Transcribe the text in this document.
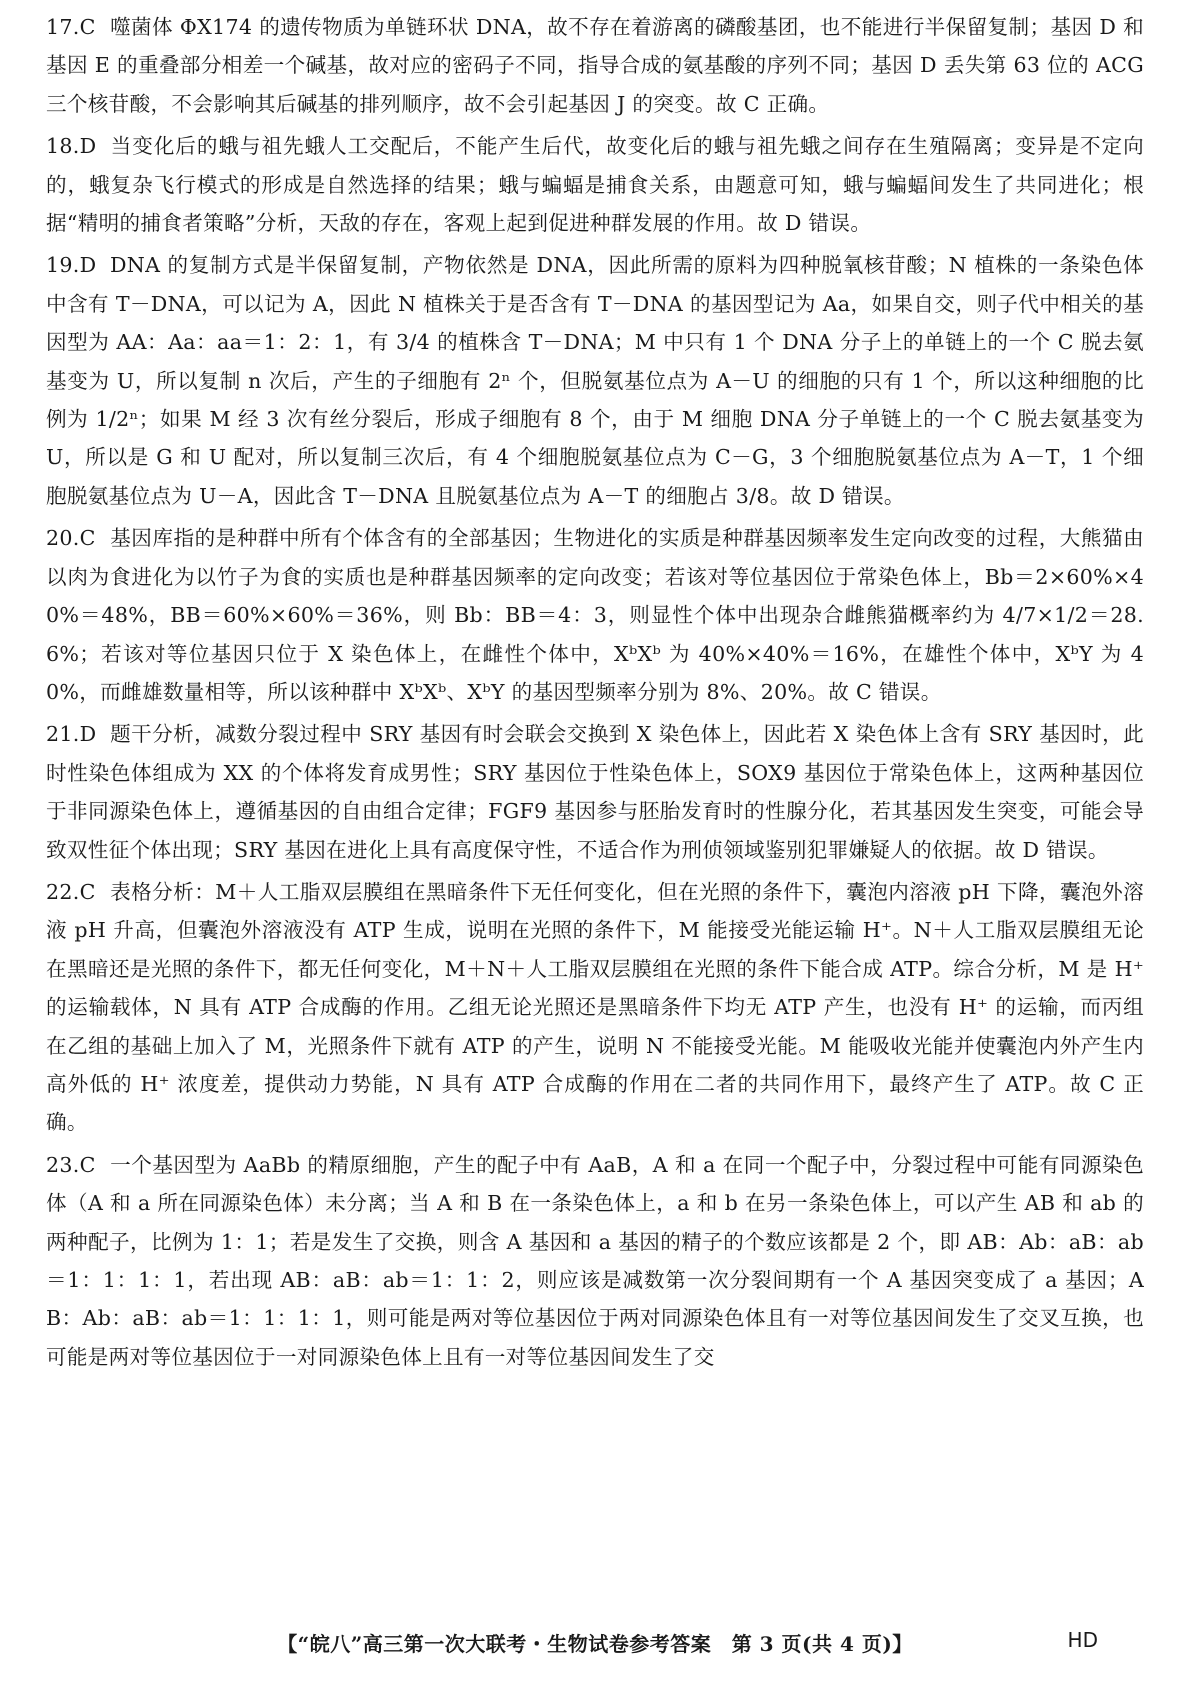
17.C 噬菌体 ΦX174 的遗传物质为单链环状 DNA，故不存在着游离的磷酸基团，也不能进行半保留复制；基因 D 和基因 E 的重叠部分相差一个碱基，故对应的密码子不同，指导合成的氨基酸的序列不同；基因 D 丢失第 63 位的 ACG 三个核苷酸，不会影响其后碱基的排列顺序，故不会引起基因 J 的突变。故 C 正确。

18.D 当变化后的蛾与祖先蛾人工交配后，不能产生后代，故变化后的蛾与祖先蛾之间存在生殖隔离；变异是不定向的，蛾复杂飞行模式的形成是自然选择的结果；蛾与蝙蝠是捕食关系，由题意可知，蛾与蝙蝠间发生了共同进化；根据“精明的捕食者策略”分析，天敌的存在，客观上起到促进种群发展的作用。故 D 错误。

19.D DNA 的复制方式是半保留复制，产物依然是 DNA，因此所需的原料为四种脱氧核苷酸；N 植株的一条染色体中含有 T－DNA，可以记为 A，因此 N 植株关于是否含有 T－DNA 的基因型记为 Aa，如果自交，则子代中相关的基因型为 AA：Aa：aa＝1：2：1，有 3/4 的植株含 T－DNA；M 中只有 1 个 DNA 分子上的单链上的一个 C 脱去氨基变为 U，所以复制 n 次后，产生的子细胞有 2ⁿ 个，但脱氨基位点为 A－U 的细胞的只有 1 个，所以这种细胞的比例为 1/2ⁿ；如果 M 经 3 次有丝分裂后，形成子细胞有 8 个，由于 M 细胞 DNA 分子单链上的一个 C 脱去氨基变为 U，所以是 G 和 U 配对，所以复制三次后，有 4 个细胞脱氨基位点为 C－G，3 个细胞脱氨基位点为 A－T，1 个细胞脱氨基位点为 U－A，因此含 T－DNA 且脱氨基位点为 A－T 的细胞占 3/8。故 D 错误。

20.C 基因库指的是种群中所有个体含有的全部基因；生物进化的实质是种群基因频率发生定向改变的过程，大熊猫由以肉为食进化为以竹子为食的实质也是种群基因频率的定向改变；若该对等位基因位于常染色体上，Bb＝2×60%×40%＝48%，BB＝60%×60%＝36%，则 Bb：BB＝4：3，则显性个体中出现杂合雌熊猫概率约为 4/7×1/2＝28.6%；若该对等位基因只位于 X 染色体上，在雌性个体中，XᵇXᵇ 为 40%×40%＝16%，在雄性个体中，XᵇY 为 40%，而雌雄数量相等，所以该种群中 XᵇXᵇ、XᵇY 的基因型频率分别为 8%、20%。故 C 错误。

21.D 题干分析，减数分裂过程中 SRY 基因有时会联会交换到 X 染色体上，因此若 X 染色体上含有 SRY 基因时，此时性染色体组成为 XX 的个体将发育成男性；SRY 基因位于性染色体上，SOX9 基因位于常染色体上，这两种基因位于非同源染色体上，遵循基因的自由组合定律；FGF9 基因参与胚胎发育时的性腺分化，若其基因发生突变，可能会导致双性征个体出现；SRY 基因在进化上具有高度保守性，不适合作为刑侦领域鉴别犯罪嫌疑人的依据。故 D 错误。

22.C 表格分析：M＋人工脂双层膜组在黑暗条件下无任何变化，但在光照的条件下，囊泡内溶液 pH 下降，囊泡外溶液 pH 升高，但囊泡外溶液没有 ATP 生成，说明在光照的条件下，M 能接受光能运输 H⁺。N＋人工脂双层膜组无论在黑暗还是光照的条件下，都无任何变化，M＋N＋人工脂双层膜组在光照的条件下能合成 ATP。综合分析，M 是 H⁺ 的运输载体，N 具有 ATP 合成酶的作用。乙组无论光照还是黑暗条件下均无 ATP 产生，也没有 H⁺ 的运输，而丙组在乙组的基础上加入了 M，光照条件下就有 ATP 的产生，说明 N 不能接受光能。M 能吸收光能并使囊泡内外产生内高外低的 H⁺ 浓度差，提供动力势能，N 具有 ATP 合成酶的作用在二者的共同作用下，最终产生了 ATP。故 C 正确。

23.C 一个基因型为 AaBb 的精原细胞，产生的配子中有 AaB，A 和 a 在同一个配子中，分裂过程中可能有同源染色体（A 和 a 所在同源染色体）未分离；当 A 和 B 在一条染色体上，a 和 b 在另一条染色体上，可以产生 AB 和 ab 的两种配子，比例为 1：1；若是发生了交换，则含 A 基因和 a 基因的精子的个数应该都是 2 个，即 AB：Ab：aB：ab＝1：1：1：1，若出现 AB：aB：ab＝1：1：2，则应该是减数第一次分裂间期有一个 A 基因突变成了 a 基因；AB：Ab：aB：ab＝1：1：1：1，则可能是两对等位基因位于两对同源染色体且有一对等位基因间发生了交叉互换，也可能是两对等位基因位于一对同源染色体上且有一对等位基因间发生了交

【“皖八”高三第一次大联考・生物试卷参考答案　第 3 页(共 4 页)】	HD
